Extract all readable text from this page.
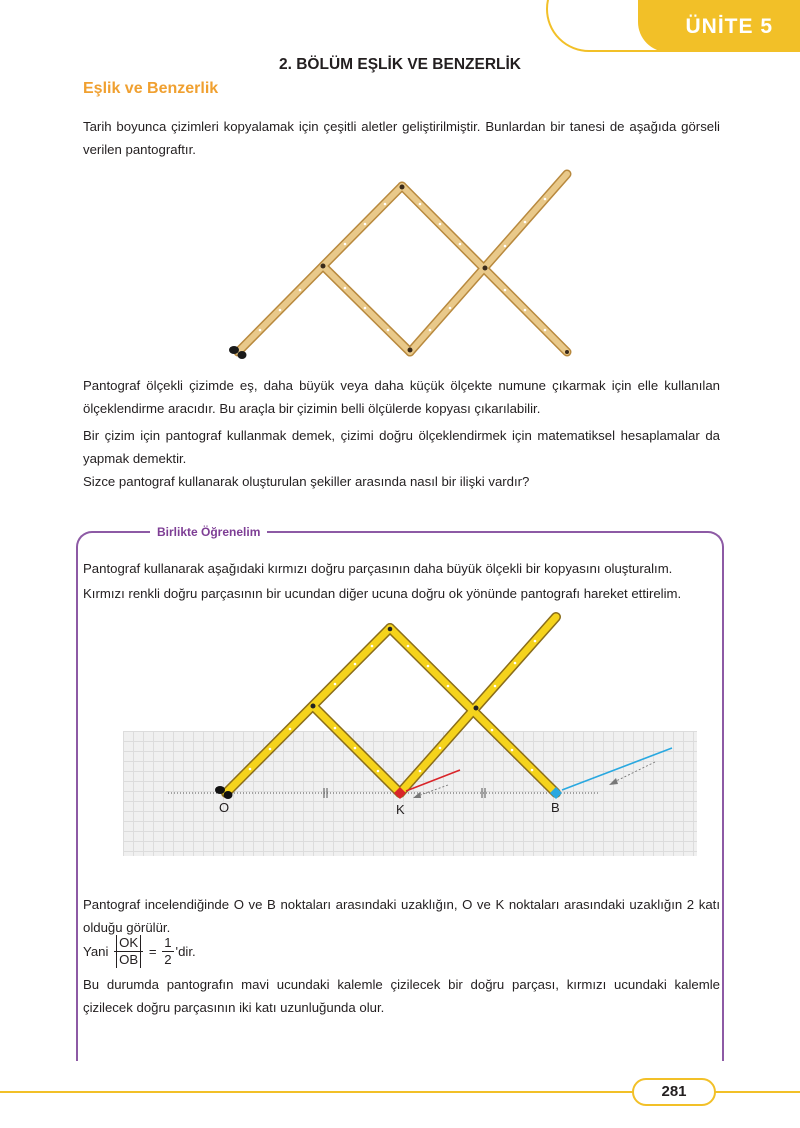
ÜNİTE 5
2. BÖLÜM EŞLİK VE BENZERLİK
Eşlik ve Benzerlik
Tarih boyunca çizimleri kopyalamak için çeşitli aletler geliştirilmiştir. Bunlardan bir tanesi de aşağıda görseli verilen pantograftır.
Pantograf ölçekli çizimde eş, daha büyük veya daha küçük ölçekte numune çıkarmak için elle kullanılan ölçeklendirme aracıdır. Bu araçla bir çizimin belli ölçülerde kopyası çıkarılabilir.
Bir çizim için pantograf kullanmak demek, çizimi doğru ölçeklendirmek için matematiksel hesaplamalar da yapmak demektir.
Sizce pantograf kullanarak oluşturulan şekiller arasında nasıl bir ilişki vardır?
Birlikte Öğrenelim
Pantograf kullanarak aşağıdaki kırmızı doğru parçasının daha büyük ölçekli bir kopyasını oluşturalım.
Kırmızı renkli doğru parçasının bir ucundan diğer ucuna doğru ok yönünde pantografı hareket ettirelim.
O	K	B
Pantograf incelendiğinde O ve B noktaları arasındaki uzaklığın, O ve K noktaları arasındaki uzaklığın 2 katı olduğu görülür.
Yani $\frac{OK}{OB} = \frac{1}{2}$ 'dir.
Bu durumda pantografın mavi ucundaki kalemle çizilecek bir doğru parçası, kırmızı ucundaki kalemle çizilecek doğru parçasının iki katı uzunluğunda olur.
281
